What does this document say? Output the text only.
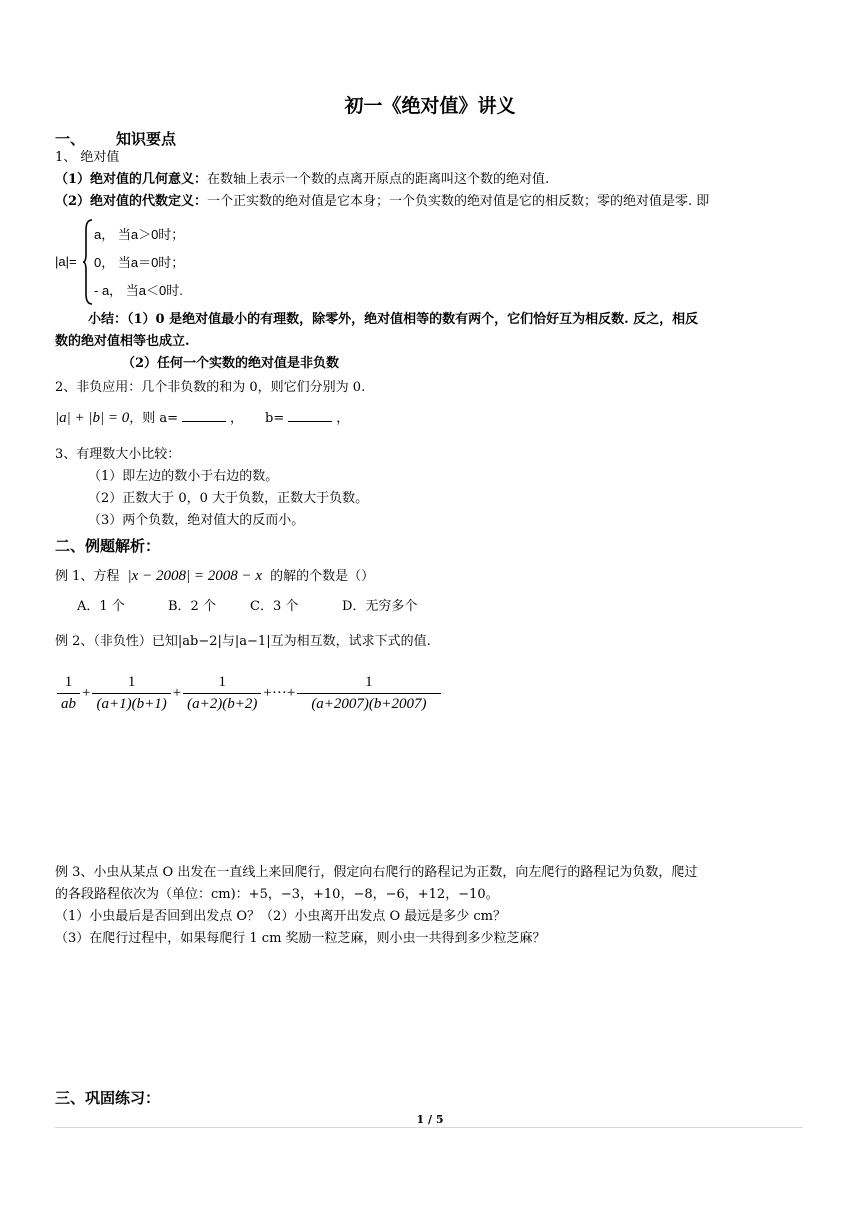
初一《绝对值》讲义
一、 知识要点
1、 绝对值
（1）绝对值的几何意义：在数轴上表示一个数的点离开原点的距离叫这个数的绝对值.
（2）绝对值的代数定义：一个正实数的绝对值是它本身；一个负实数的绝对值是它的相反数；零的绝对值是零. 即
|a|=
a， 当a＞0时；
0， 当a＝0时；
- a， 当a＜0时.
小结：（1）0 是绝对值最小的有理数，除零外，绝对值相等的数有两个，它们恰好互为相反数. 反之，相反
数的绝对值相等也成立.
（2）任何一个实数的绝对值是非负数
2、非负应用：几个非负数的和为 0，则它们分别为 0.
|a| + |b| = 0，则 a=	， b=	，
3、有理数大小比较：
（1）即左边的数小于右边的数。
（2）正数大于 0，0 大于负数，正数大于负数。
（3）两个负数，绝对值大的反而小。
二、例题解析：
例 1、方程 |x − 2008| = 2008 − x 的解的个数是（）
A．1 个	B．2 个	C．3 个	D．无穷多个
例 2、（非负性）已知|ab−2|与|a−1|互为相互数，试求下式的值.
$\frac{1}{ab} + \frac{1}{(a+1)(b+1)} + \frac{1}{(a+2)(b+2)}$ +···+ $\frac{1}{(a+2007)(b+2007)}$
例 3、小虫从某点 O 出发在一直线上来回爬行，假定向右爬行的路程记为正数，向左爬行的路程记为负数，爬过
的各段路程依次为（单位：cm)：+5，−3，+10，−8，−6，+12，−10。
（1）小虫最后是否回到出发点 O？（2）小虫离开出发点 O 最远是多少 cm？
（3）在爬行过程中，如果每爬行 1 cm 奖励一粒芝麻，则小虫一共得到多少粒芝麻？
三、巩固练习：
1 / 5
